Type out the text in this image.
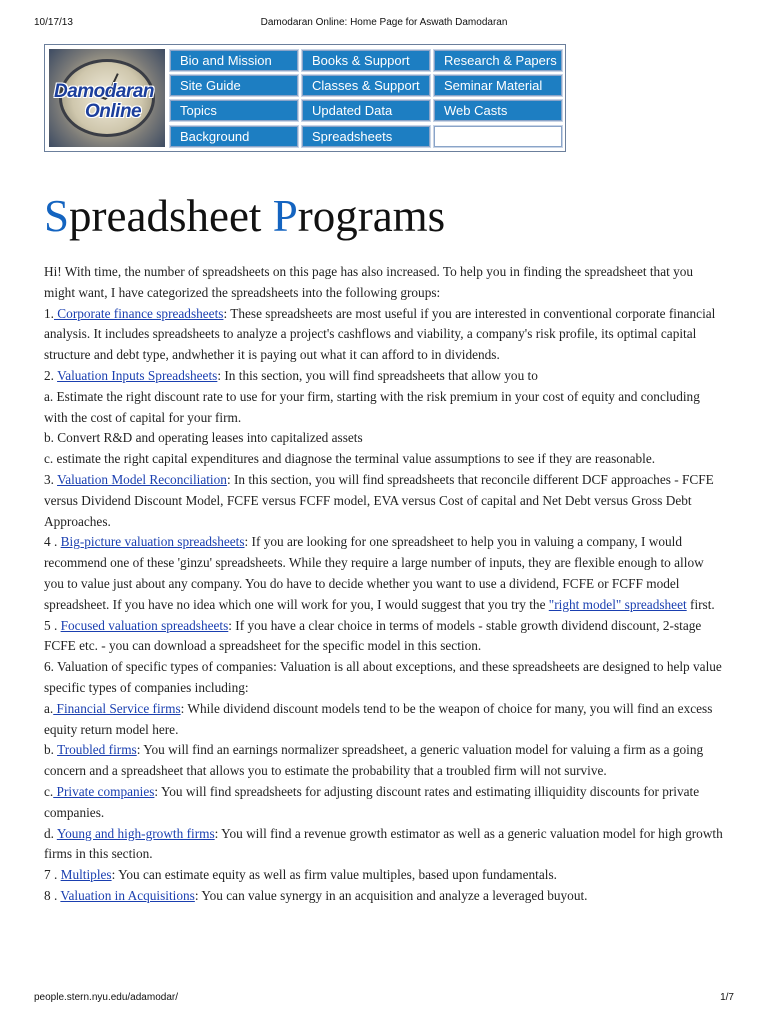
10/17/13	Damodaran Online: Home Page for Aswath Damodaran
Damodaran
Online
Bio and Mission	Books & Support	Research & Papers
Site Guide	Classes & Support	Seminar Material
Topics	Updated Data	Web Casts
Background	Spreadsheets
Spreadsheet Programs

Hi! With time, the number of spreadsheets on this page has also increased. To help you in finding the spreadsheet that you might want, I have categorized the spreadsheets into the following groups:

1. Corporate finance spreadsheets: These spreadsheets are most useful if you are interested in conventional corporate financial analysis. It includes spreadsheets to analyze a project's cashflows and viability, a company's risk profile, its optimal capital structure and debt type, andwhether it is paying out what it can afford to in dividends.

2. Valuation Inputs Spreadsheets: In this section, you will find spreadsheets that allow you to

a. Estimate the right discount rate to use for your firm, starting with the risk premium in your cost of equity and concluding with the cost of capital for your firm.

b. Convert R&D and operating leases into capitalized assets

c. estimate the right capital expenditures and diagnose the terminal value assumptions to see if they are reasonable.

3. Valuation Model Reconciliation: In this section, you will find spreadsheets that reconcile different DCF approaches - FCFE versus Dividend Discount Model, FCFE versus FCFF model, EVA versus Cost of capital and Net Debt versus Gross Debt Approaches.

4 . Big-picture valuation spreadsheets: If you are looking for one spreadsheet to help you in valuing a company, I would recommend one of these 'ginzu' spreadsheets. While they require a large number of inputs, they are flexible enough to allow you to value just about any company. You do have to decide whether you want to use a dividend, FCFE or FCFF model spreadsheet. If you have no idea which one will work for you, I would suggest that you try the "right model" spreadsheet first.

5 . Focused valuation spreadsheets: If you have a clear choice in terms of models - stable growth dividend discount, 2-stage FCFE etc. - you can download a spreadsheet for the specific model in this section.

6. Valuation of specific types of companies: Valuation is all about exceptions, and these spreadsheets are designed to help value specific types of companies including:

a. Financial Service firms: While dividend discount models tend to be the weapon of choice for many, you will find an excess equity return model here.

b. Troubled firms: You will find an earnings normalizer spreadsheet, a generic valuation model for valuing a firm as a going concern and a spreadsheet that allows you to estimate the probability that a troubled firm will not survive.

c. Private companies: You will find spreadsheets for adjusting discount rates and estimating illiquidity discounts for private companies.

d. Young and high-growth firms: You will find a revenue growth estimator as well as a generic valuation model for high growth firms in this section.

7 . Multiples: You can estimate equity as well as firm value multiples, based upon fundamentals.

8 . Valuation in Acquisitions: You can value synergy in an acquisition and analyze a leveraged buyout.

people.stern.nyu.edu/adamodar/	1/7
